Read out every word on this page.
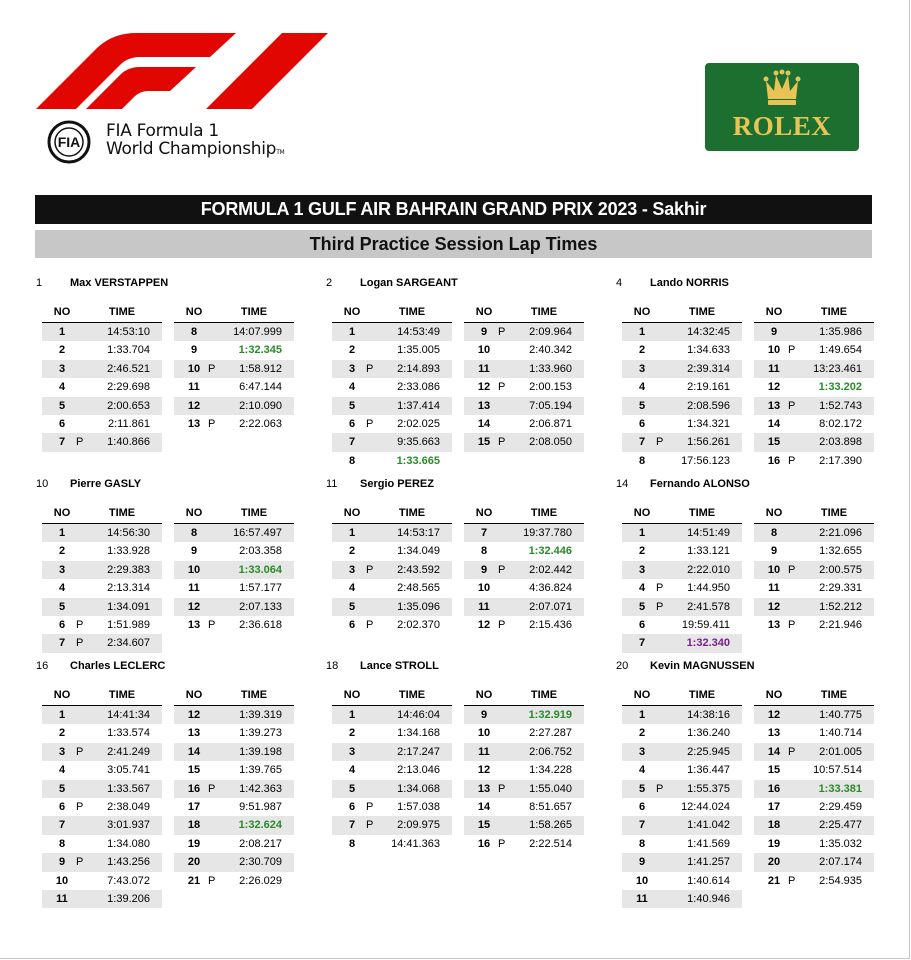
FIA
FIA Formula 1
World ChampionshipTM
ROLEX
FORMULA 1 GULF AIR BAHRAIN GRAND PRIX 2023 - Sakhir
Third Practice Session Lap Times
1	Max VERSTAPPEN
NO	TIME
1	14:53:10
2	1:33.704
3	2:46.521
4	2:29.698
5	2:00.653
6	2:11.861
7 P 1:40.866
NO	TIME
8	14:07.999
9	1:32.345
10 P 1:58.912
11	6:47.144
12	2:10.090
13 P 2:22.063
2	Logan SARGEANT
NO	TIME
1	14:53:49
2	1:35.005
3 P 2:14.893
4	2:33.086
5	1:37.414
6 P 2:02.025
7	9:35.663
8	1:33.665
NO	TIME
9 P 2:09.964
10	2:40.342
11	1:33.960
12 P 2:00.153
13	7:05.194
14	2:06.871
15 P 2:08.050
4	Lando NORRIS
NO	TIME
1	14:32:45
2	1:34.633
3	2:39.314
4	2:19.161
5	2:08.596
6	1:34.321
7 P 1:56.261
8	17:56.123
NO	TIME
9	1:35.986
10 P 1:49.654
11	13:23.461
12	1:33.202
13 P 1:52.743
14	8:02.172
15	2:03.898
16 P 2:17.390
10 Pierre GASLY
NO	TIME
1	14:56:30
2	1:33.928
3	2:29.383
4	2:13.314
5	1:34.091
6 P 1:51.989
7 P 2:34.607
NO	TIME
8	16:57.497
9	2:03.358
10	1:33.064
11	1:57.177
12	2:07.133
13 P 2:36.618
11 Sergio PEREZ
NO	TIME
1	14:53:17
2	1:34.049
3 P 2:43.592
4	2:48.565
5	1:35.096
6 P 2:02.370
NO	TIME
7	19:37.780
8	1:32.446
9 P 2:02.442
10	4:36.824
11	2:07.071
12 P 2:15.436
14 Fernando ALONSO
NO	TIME
1	14:51:49
2	1:33.121
3	2:22.010
4 P 1:44.950
5 P 2:41.578
6	19:59.411
7	1:32.340
NO	TIME
8	2:21.096
9	1:32.655
10 P 2:00.575
11	2:29.331
12	1:52.212
13 P 2:21.946
16 Charles LECLERC
NO	TIME
1	14:41:34
2	1:33.574
3 P 2:41.249
4	3:05.741
5	1:33.567
6 P 2:38.049
7	3:01.937
8	1:34.080
9 P 1:43.256
10	7:43.072
11	1:39.206
NO	TIME
12	1:39.319
13	1:39.273
14	1:39.198
15	1:39.765
16 P 1:42.363
17	9:51.987
18	1:32.624
19	2:08.217
20	2:30.709
21 P 2:26.029
18 Lance STROLL
NO	TIME
1	14:46:04
2	1:34.168
3	2:17.247
4	2:13.046
5	1:34.068
6 P 1:57.038
7 P 2:09.975
8	14:41.363
NO	TIME
9	1:32.919
10	2:27.287
11	2:06.752
12	1:34.228
13 P 1:55.040
14	8:51.657
15	1:58.265
16 P 2:22.514
20 Kevin MAGNUSSEN
NO	TIME
1	14:38:16
2	1:36.240
3	2:25.945
4	1:36.447
5 P 1:55.375
6	12:44.024
7	1:41.042
8	1:41.569
9	1:41.257
10	1:40.614
11	1:40.946
NO	TIME
12	1:40.775
13	1:40.714
14 P 2:01.005
15	10:57.514
16	1:33.381
17	2:29.459
18	2:25.477
19	1:35.032
20	2:07.174
21 P 2:54.935
